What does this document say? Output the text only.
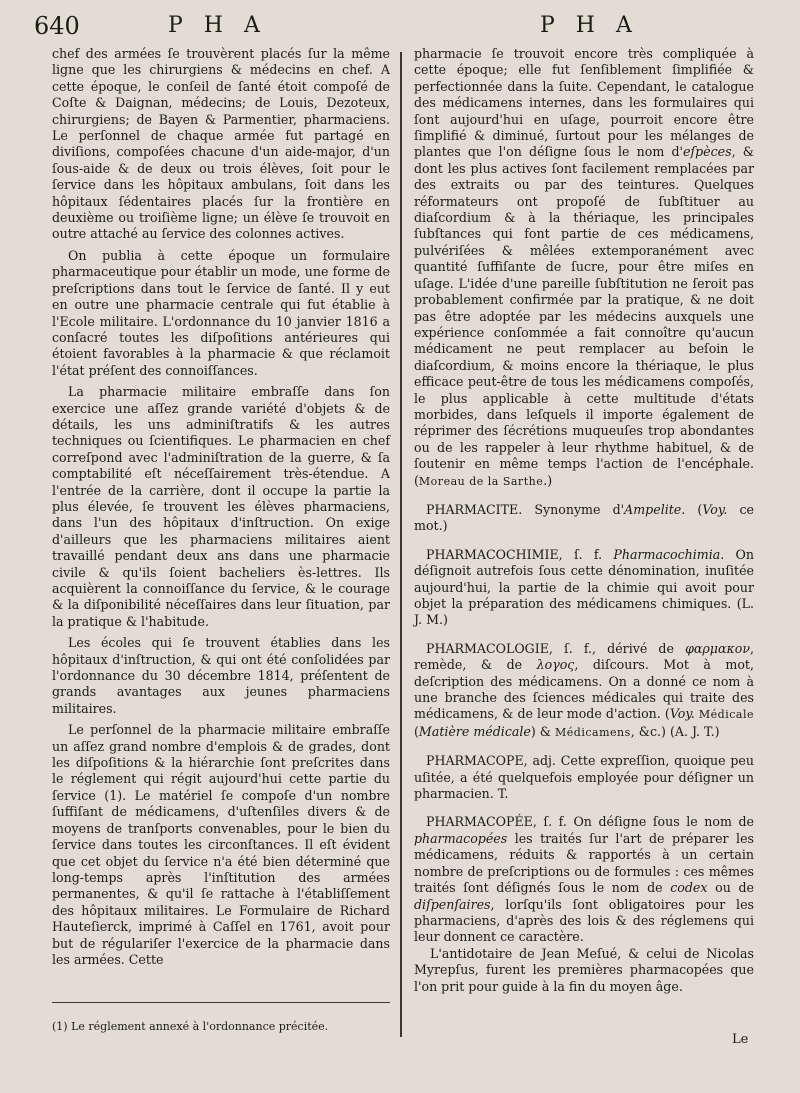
640	P H A	P H A

chef des armées ſe trouvèrent placés ſur la même ligne que les chirurgiens & médecins en chef. A cette époque, le conſeil de ſanté étoit compoſé de Coſte & Daignan, médecins; de Louis, Dezoteux, chirurgiens; de Bayen & Parmentier, pharmaciens. Le perſonnel de chaque armée fut partagé en diviſions, compoſées chacune d'un aide-major, d'un ſous-aide & de deux ou trois élèves, ſoit pour le ſervice dans les hôpitaux ambulans, ſoit dans les hôpitaux ſédentaires placés ſur la frontière en deuxième ou troiſième ligne; un élève ſe trouvoit en outre attaché au ſervice des colonnes actives.

On publia à cette époque un formulaire pharmaceutique pour établir un mode, une forme de preſcriptions dans tout le ſervice de ſanté. Il y eut en outre une pharmacie centrale qui fut établie à l'Ecole militaire. L'ordonnance du 10 janvier 1816 a conſacré toutes les diſpoſitions antérieures qui étoient favorables à la pharmacie & que réclamoit l'état préſent des connoiſſances.

La pharmacie militaire embraſſe dans ſon exercice une aſſez grande variété d'objets & de détails, les uns adminiſtratifs & les autres techniques ou ſcientifiques. Le pharmacien en chef correſpond avec l'adminiſtration de la guerre, & ſa comptabilité eſt néceſſairement très-étendue. A l'entrée de la carrière, dont il occupe la partie la plus élevée, ſe trouvent les élèves pharmaciens, dans l'un des hôpitaux d'inſtruction. On exige d'ailleurs que les pharmaciens militaires aient travaillé pendant deux ans dans une pharmacie civile & qu'ils ſoient bacheliers ès-lettres. Ils acquièrent la connoiſſance du ſervice, & le courage & la diſponibilité néceſſaires dans leur ſituation, par la pratique & l'habitude.

Les écoles qui ſe trouvent établies dans les hôpitaux d'inſtruction, & qui ont été conſolidées par l'ordonnance du 30 décembre 1814, préſentent de grands avantages aux jeunes pharmaciens militaires.

Le perſonnel de la pharmacie militaire embraſſe un aſſez grand nombre d'emplois & de grades, dont les diſpoſitions & la hiérarchie ſont preſcrites dans le réglement qui régit aujourd'hui cette partie du ſervice (1). Le matériel ſe compoſe d'un nombre ſuffiſant de médicamens, d'uſtenſiles divers & de moyens de tranſports convenables, pour le bien du ſervice dans toutes les circonſtances. Il eſt évident que cet objet du ſervice n'a été bien déterminé que long-temps après l'inſtitution des armées permanentes, & qu'il ſe rattache à l'établiſſement des hôpitaux militaires. Le Formulaire de Richard Hauteſierck, imprimé à Caſſel en 1761, avoit pour but de régulariſer l'exercice de la pharmacie dans les armées. Cette

(1) Le réglement annexé à l'ordonnance précitée.

pharmacie ſe trouvoit encore très compliquée à cette époque; elle fut ſenſiblement ſimplifiée & perfectionnée dans la ſuite. Cependant, le catalogue des médicamens internes, dans les formulaires qui ſont aujourd'hui en uſage, pourroit encore être ſimplifié & diminué, ſurtout pour les mélanges de plantes que l'on déſigne ſous le nom d'eſpèces, & dont les plus actives ſont facilement remplacées par des extraits ou par des teintures. Quelques réformateurs ont propoſé de ſubſtituer au diaſcordium & à la thériaque, les principales ſubſtances qui font partie de ces médicamens, pulvériſées & mêlées extemporanément avec quantité ſuffiſante de ſucre, pour être miſes en uſage. L'idée d'une pareille ſubſtitution ne ſeroit pas probablement confirmée par la pratique, & ne doit pas être adoptée par les médecins auxquels une expérience conſommée a fait connoître qu'aucun médicament ne peut remplacer au beſoin le diaſcordium, & moins encore la thériaque, le plus efficace peut-être de tous les médicamens compoſés, le plus applicable à cette multitude d'états morbides, dans leſquels il importe également de réprimer des ſécrétions muqueuſes trop abondantes ou de les rappeler à leur rhythme habituel, & de ſoutenir en même temps l'action de l'encéphale. (Moreau de la Sarthe.)

PHARMACITE. Synonyme d'Ampelite. (Voy. ce mot.)

PHARMACOCHIMIE, ſ. f. Pharmacochimia. On déſignoit autrefois ſous cette dénomination, inuſitée aujourd'hui, la partie de la chimie qui avoit pour objet la préparation des médicamens chimiques. (L. J. M.)

PHARMACOLOGIE, ſ. f., dérivé de φαρμακον, remède, & de λογος, diſcours. Mot à mot, deſcription des médicamens. On a donné ce nom à une branche des ſciences médicales qui traite des médicamens, & de leur mode d'action. (Voy. Médicale (Matière médicale) & Médicamens, &c.) (A. J. T.)

PHARMACOPE, adj. Cette expreſſion, quoique peu uſitée, a été quelquefois employée pour déſigner un pharmacien. T.

PHARMACOPÉE, ſ. f. On déſigne ſous le nom de pharmacopées les traités ſur l'art de préparer les médicamens, réduits & rapportés à un certain nombre de preſcriptions ou de formules : ces mêmes traités ſont déſignés ſous le nom de codex ou de diſpenſaires, lorſqu'ils ſont obligatoires pour les pharmaciens, d'après des lois & des réglemens qui leur donnent ce caractère.

L'antidotaire de Jean Meſué, & celui de Nicolas Myrepſus, furent les premières pharmacopées que l'on prit pour guide à la fin du moyen âge.

Le
